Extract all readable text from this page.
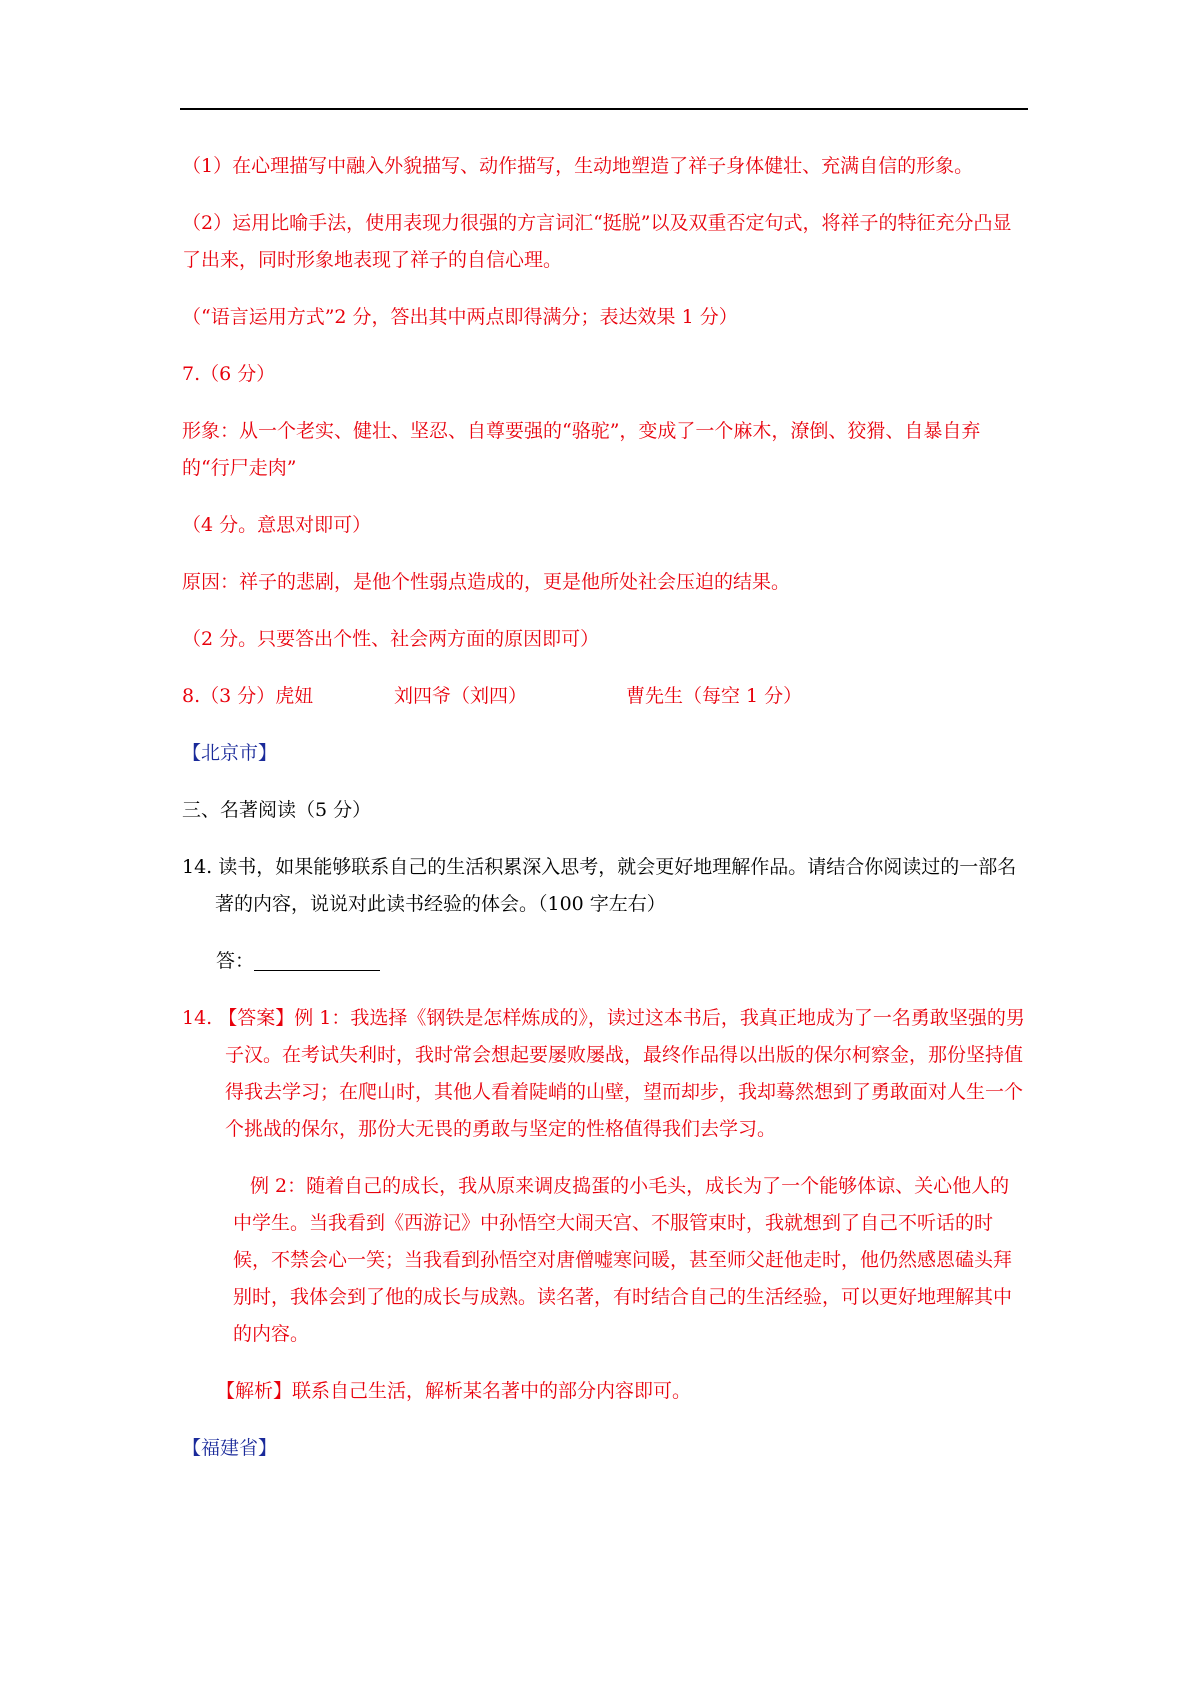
（1）在心理描写中融入外貌描写、动作描写，生动地塑造了祥子身体健壮、充满自信的形象。

（2）运用比喻手法，使用表现力很强的方言词汇“挺脱”以及双重否定句式，将祥子的特征充分凸显了出来，同时形象地表现了祥子的自信心理。

（“语言运用方式”2 分，答出其中两点即得满分；表达效果 1 分）

7.（6 分）

形象：从一个老实、健壮、坚忍、自尊要强的“骆驼”，变成了一个麻木，潦倒、狡猾、自暴自弃的“行尸走肉”

（4 分。意思对即可）

原因：祥子的悲剧，是他个性弱点造成的，更是他所处社会压迫的结果。

（2 分。只要答出个性、社会两方面的原因即可）

8.（3 分）虎妞	刘四爷（刘四）	曹先生（每空 1 分）

【北京市】

三、名著阅读（5 分）

14. 读书，如果能够联系自己的生活积累深入思考，就会更好地理解作品。请结合你阅读过的一部名著的内容，说说对此读书经验的体会。（100 字左右）

答：

14. 【答案】例 1：我选择《钢铁是怎样炼成的》，读过这本书后，我真正地成为了一名勇敢坚强的男子汉。在考试失利时，我时常会想起要屡败屡战，最终作品得以出版的保尔柯察金，那份坚持值得我去学习；在爬山时，其他人看着陡峭的山壁，望而却步，我却蓦然想到了勇敢面对人生一个个挑战的保尔，那份大无畏的勇敢与坚定的性格值得我们去学习。

例 2：随着自己的成长，我从原来调皮捣蛋的小毛头，成长为了一个能够体谅、关心他人的中学生。当我看到《西游记》中孙悟空大闹天宫、不服管束时，我就想到了自己不听话的时候，不禁会心一笑；当我看到孙悟空对唐僧嘘寒问暖，甚至师父赶他走时，他仍然感恩磕头拜别时，我体会到了他的成长与成熟。读名著，有时结合自己的生活经验，可以更好地理解其中的内容。

【解析】联系自己生活，解析某名著中的部分内容即可。

【福建省】
